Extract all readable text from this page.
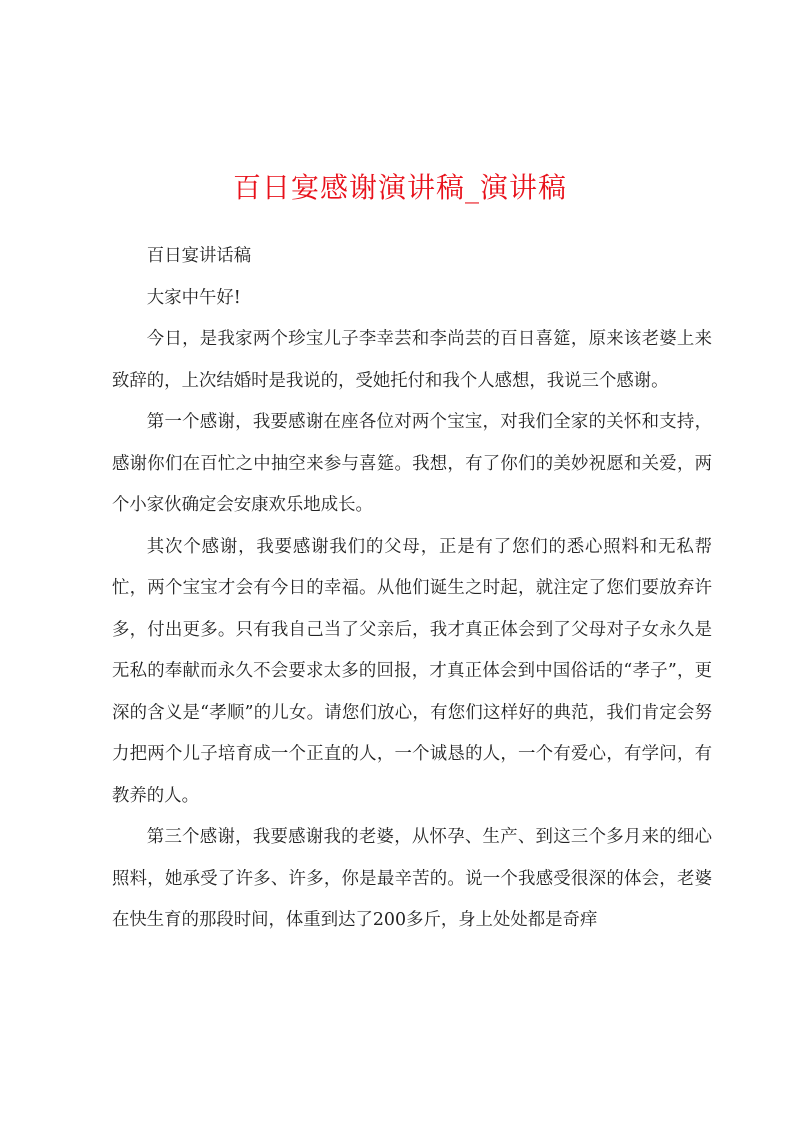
百日宴感谢演讲稿_演讲稿

百日宴讲话稿

大家中午好!

今日，是我家两个珍宝儿子李幸芸和李尚芸的百日喜筵，原来该老婆上来致辞的，上次结婚时是我说的，受她托付和我个人感想，我说三个感谢。

第一个感谢，我要感谢在座各位对两个宝宝，对我们全家的关怀和支持，感谢你们在百忙之中抽空来参与喜筵。我想，有了你们的美妙祝愿和关爱，两个小家伙确定会安康欢乐地成长。

其次个感谢，我要感谢我们的父母，正是有了您们的悉心照料和无私帮忙，两个宝宝才会有今日的幸福。从他们诞生之时起，就注定了您们要放弃许多，付出更多。只有我自己当了父亲后，我才真正体会到了父母对子女永久是无私的奉献而永久不会要求太多的回报，才真正体会到中国俗话的“孝子”，更深的含义是“孝顺”的儿女。请您们放心，有您们这样好的典范，我们肯定会努力把两个儿子培育成一个正直的人，一个诚恳的人，一个有爱心，有学问，有教养的人。

第三个感谢，我要感谢我的老婆，从怀孕、生产、到这三个多月来的细心照料，她承受了许多、许多，你是最辛苦的。说一个我感受很深的体会，老婆在快生育的那段时间，体重到达了200多斤，身上处处都是奇痒
